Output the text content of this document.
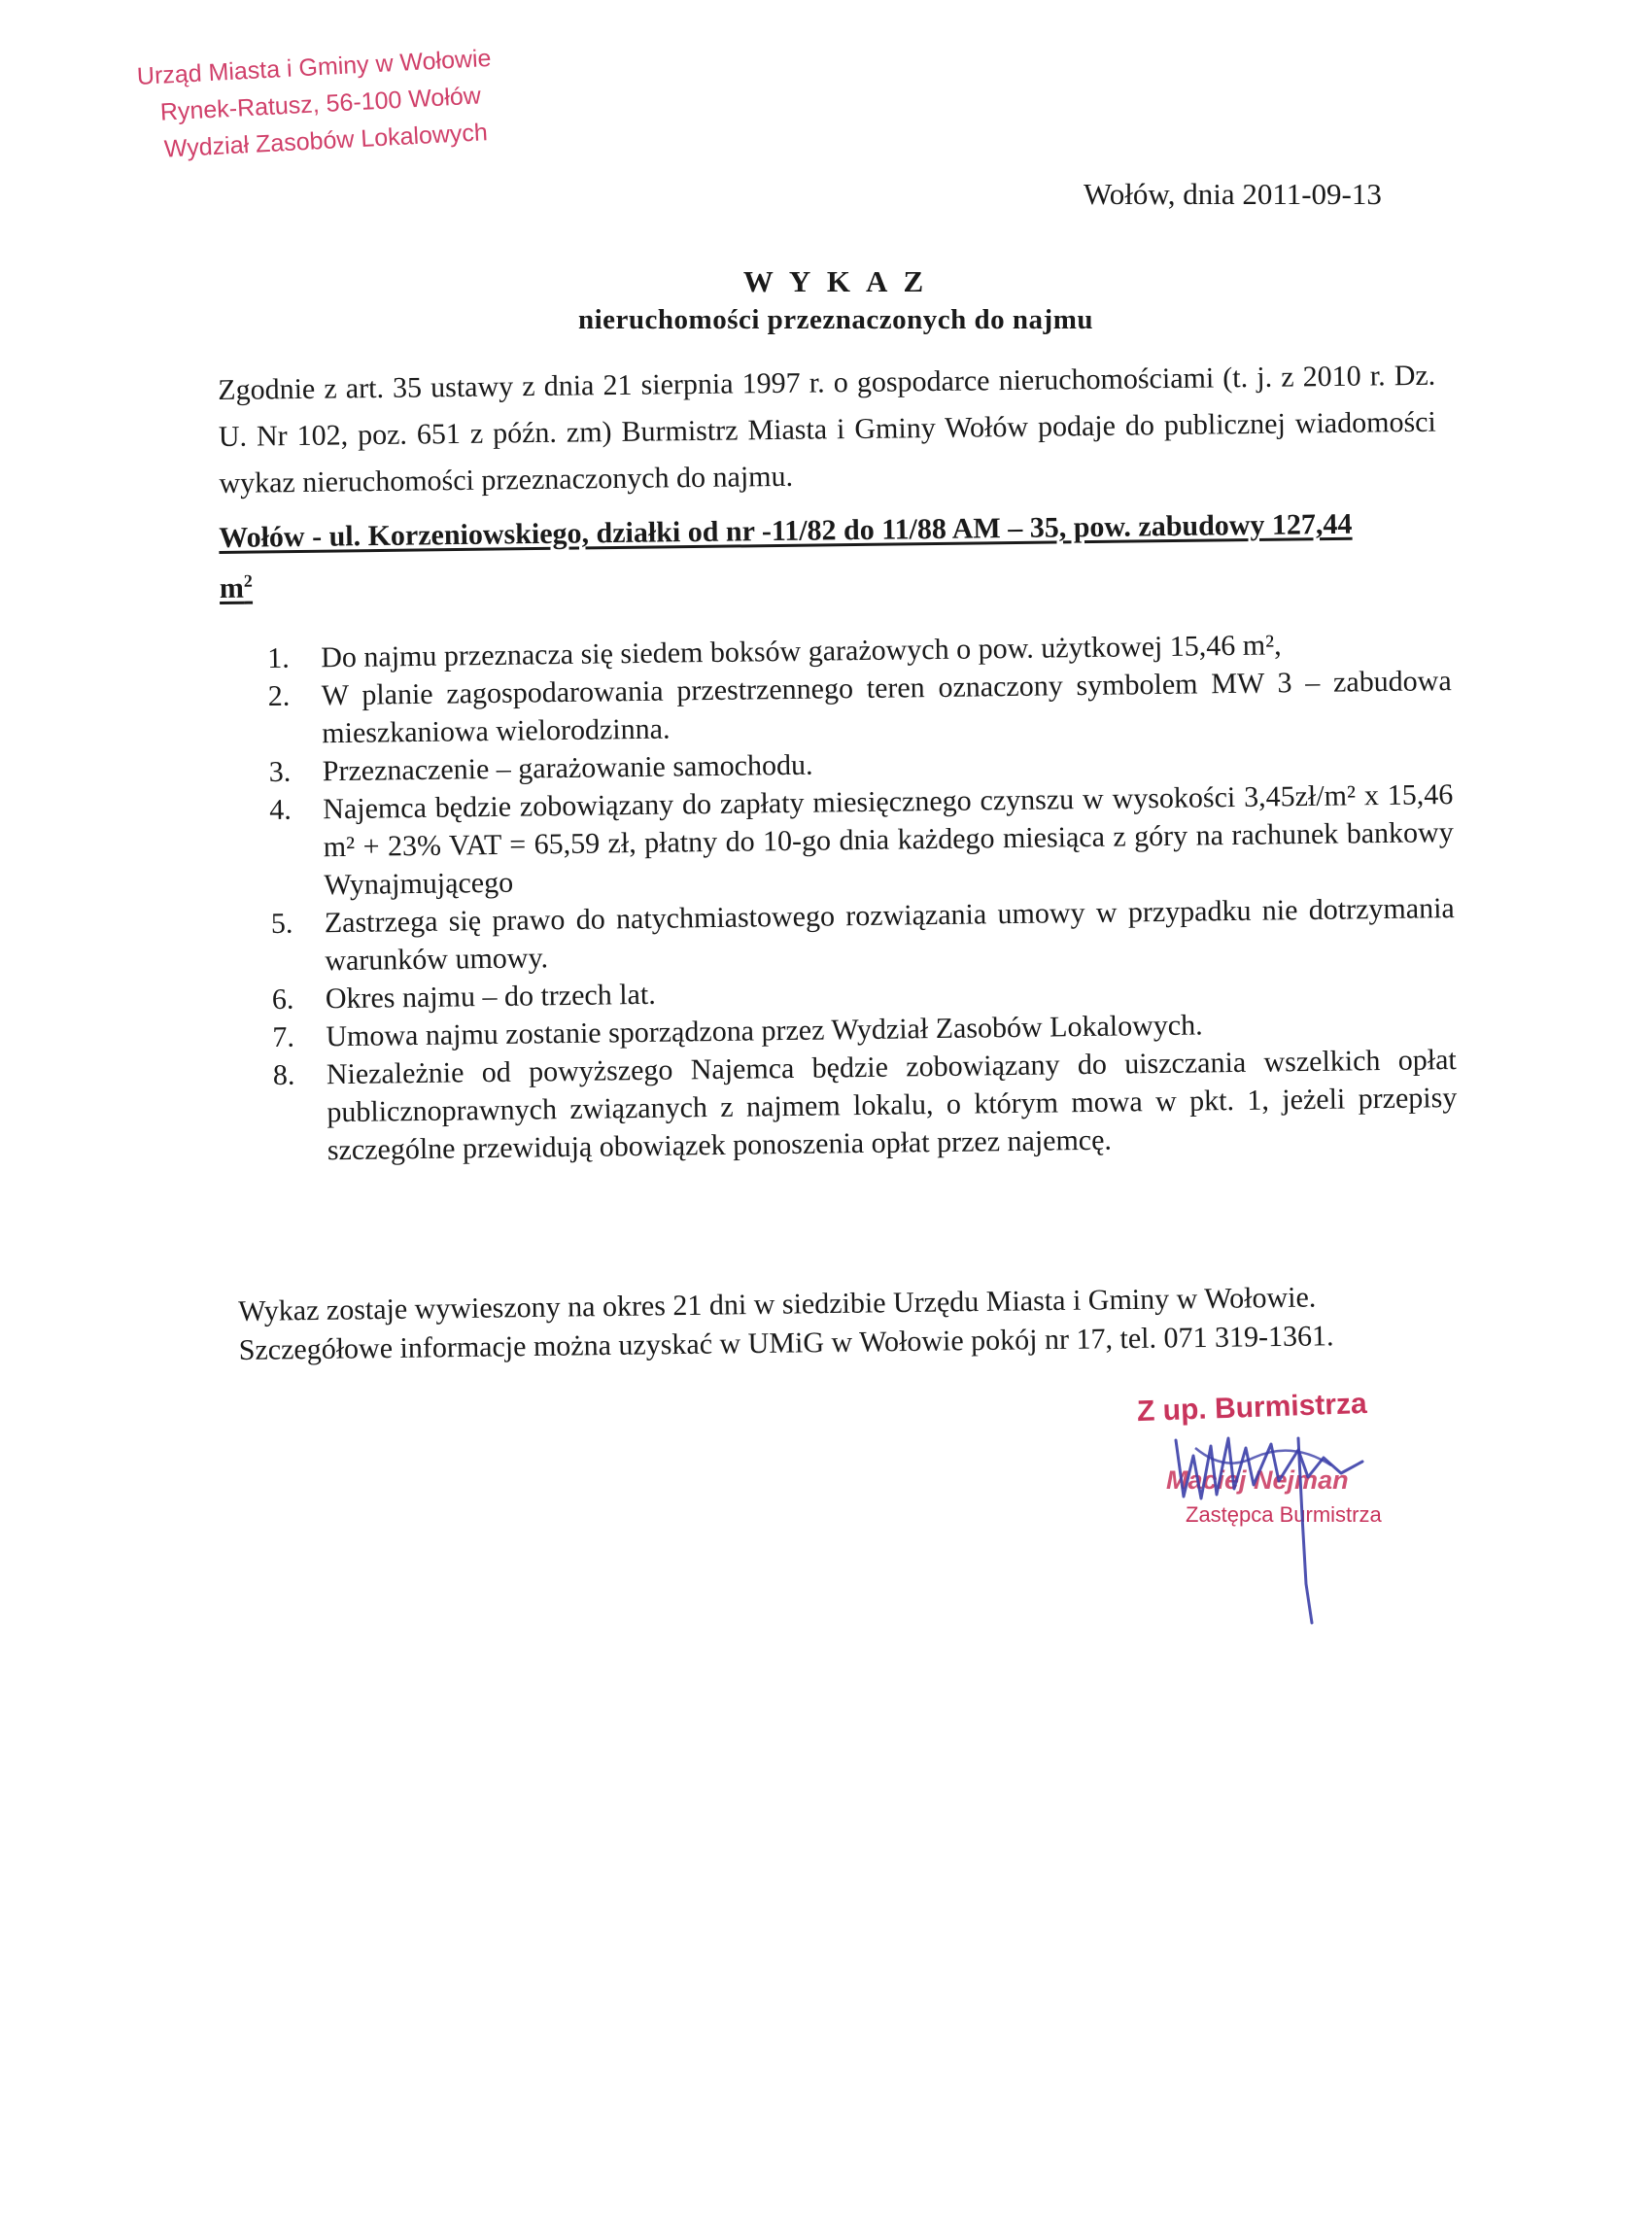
Urząd Miasta i Gminy w Wołowie
Rynek-Ratusz, 56-100 Wołów
Wydział Zasobów Lokalowych
Wołów, dnia 2011-09-13
W Y K A Z
nieruchomości przeznaczonych do najmu
Zgodnie z art. 35 ustawy z dnia 21 sierpnia 1997 r. o gospodarce nieruchomościami (t. j. z 2010 r. Dz. U. Nr 102, poz. 651 z późn. zm) Burmistrz Miasta i Gminy Wołów podaje do publicznej wiadomości wykaz nieruchomości przeznaczonych do najmu.
Wołów - ul. Korzeniowskiego, działki od nr -11/82 do 11/88 AM – 35, pow. zabudowy 127,44 $m^2$
1.	Do najmu przeznacza się siedem boksów garażowych o pow. użytkowej 15,46 m²,
2.	W planie zagospodarowania przestrzennego teren oznaczony symbolem MW 3 – zabudowa mieszkaniowa wielorodzinna.
3.	Przeznaczenie – garażowanie samochodu.
4.	Najemca będzie zobowiązany do zapłaty miesięcznego czynszu w wysokości 3,45zł/m² x 15,46 m² + 23% VAT = 65,59 zł, płatny do 10-go dnia każdego miesiąca z góry na rachunek bankowy Wynajmującego
5.	Zastrzega się prawo do natychmiastowego rozwiązania umowy w przypadku nie dotrzymania warunków umowy.
6.	Okres najmu – do trzech lat.
7.	Umowa najmu zostanie sporządzona przez Wydział Zasobów Lokalowych.
8.	Niezależnie od powyższego Najemca będzie zobowiązany do uiszczania wszelkich opłat publicznoprawnych związanych z najmem lokalu, o którym mowa w pkt. 1, jeżeli przepisy szczególne przewidują obowiązek ponoszenia opłat przez najemcę.
Wykaz zostaje wywieszony na okres 21 dni w siedzibie Urzędu Miasta i Gminy w Wołowie.
Szczegółowe informacje można uzyskać w UMiG w Wołowie pokój nr 17, tel. 071 319-1361.
Z up. Burmistrza
Maciej Nejman
Zastępca Burmistrza
